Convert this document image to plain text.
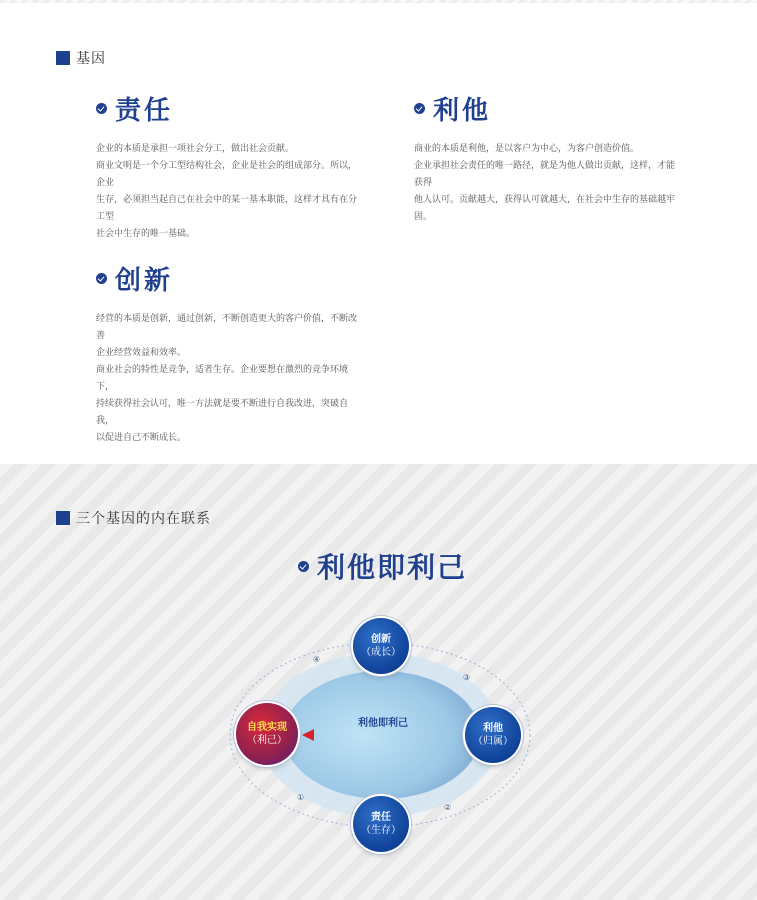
基因
责任

企业的本质是承担一项社会分工，做出社会贡献。

商业文明是一个分工型结构社会，企业是社会的组成部分。所以，企业

生存，必须担当起自己在社会中的某一基本职能，这样才具有在分工型

社会中生存的唯一基础。

利他

商业的本质是利他，是以客户为中心，为客户创造价值。

企业承担社会责任的唯一路径，就是为他人做出贡献，这样，才能获得

他人认可。贡献越大，获得认可就越大，在社会中生存的基础越牢固。

创新

经营的本质是创新，通过创新，不断创造更大的客户价值，不断改善

企业经营效益和效率。

商业社会的特性是竞争，适者生存。企业要想在激烈的竞争环境下，

持续获得社会认可，唯一方法就是要不断进行自我改进，突破自我，

以促进自己不断成长。

三个基因的内在联系
利他即利己
①
②
③
④
利他即利己
创新
（成长）
利他
（归属）
责任
（生存）
自我实现
（利己）
